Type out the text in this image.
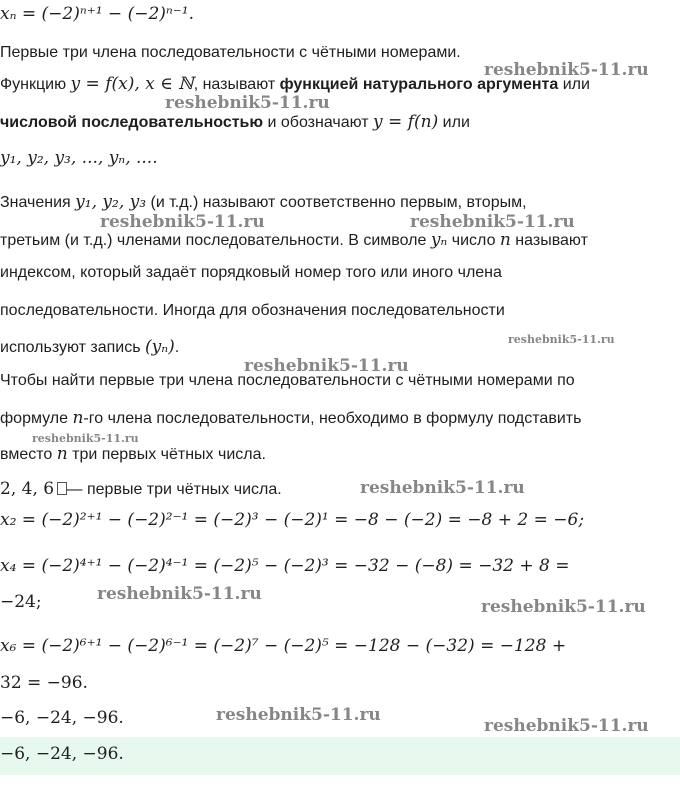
xₙ = (−2)ⁿ⁺¹ − (−2)ⁿ⁻¹.
Первые три члена последовательности с чётными номерами.
Функцию y = f(x), x ∈ ℕ, называют функцией натурального аргумента или
числовой последовательностью и обозначают y = f(n) или
y₁, y₂, y₃, ..., yₙ, ....
Значения y₁, y₂, y₃ (и т.д.) называют соответственно первым, вторым,
третьим (и т.д.) членами последовательности. В символе yₙ число n называют
индексом, который задаёт порядковый номер того или иного члена
последовательности. Иногда для обозначения последовательности
используют запись (yₙ).
Чтобы найти первые три члена последовательности с чётными номерами по
формуле n-го члена последовательности, необходимо в формулу подставить
вместо n три первых чётных числа.
2, 4, 6 — первые три чётных числа.
x₂ = (−2)²⁺¹ − (−2)²⁻¹ = (−2)³ − (−2)¹ = −8 − (−2) = −8 + 2 = −6;
x₄ = (−2)⁴⁺¹ − (−2)⁴⁻¹ = (−2)⁵ − (−2)³ = −32 − (−8) = −32 + 8 =
−24;
x₆ = (−2)⁶⁺¹ − (−2)⁶⁻¹ = (−2)⁷ − (−2)⁵ = −128 − (−32) = −128 +
32 = −96.
−6, −24, −96.
−6, −24, −96.
reshebnik5-11.ru
reshebnik5-11.ru
reshebnik5-11.ru	reshebnik5-11.ru
reshebnik5-11.ru
reshebnik5-11.ru
reshebnik5-11.ru
reshebnik5-11.ru
reshebnik5-11.ru
reshebnik5-11.ru
reshebnik5-11.ru
reshebnik5-11.ru
